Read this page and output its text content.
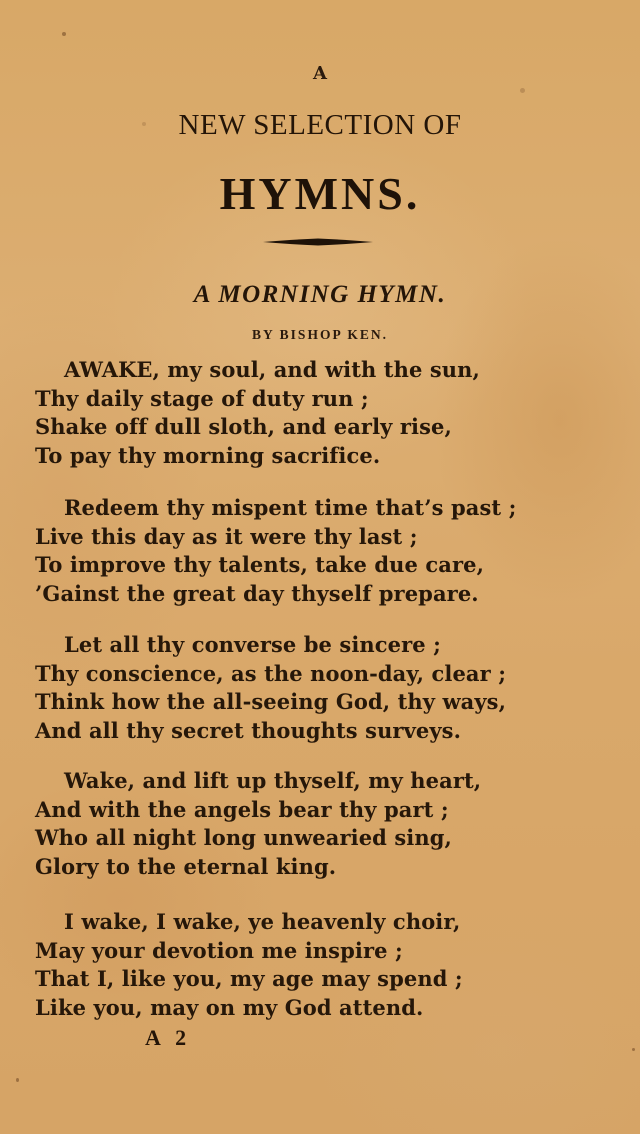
A
NEW SELECTION OF
HYMNS.
A MORNING HYMN.
BY BISHOP KEN.
AWAKE, my soul, and with the sun,
Thy daily stage of duty run ;
Shake off dull sloth, and early rise,
To pay thy morning sacrifice.
Redeem thy mispent time that’s past ;
Live this day as it were thy last ;
To improve thy talents, take due care,
’Gainst the great day thyself prepare.
Let all thy converse be sincere ;
Thy conscience, as the noon-day, clear ;
Think how the all-seeing God, thy ways,
And all thy secret thoughts surveys.
Wake, and lift up thyself, my heart,
And with the angels bear thy part ;
Who all night long unwearied sing,
Glory to the eternal king.
I wake, I wake, ye heavenly choir,
May your devotion me inspire ;
That I, like you, my age may spend ;
Like you, may on my God attend.
A 2
